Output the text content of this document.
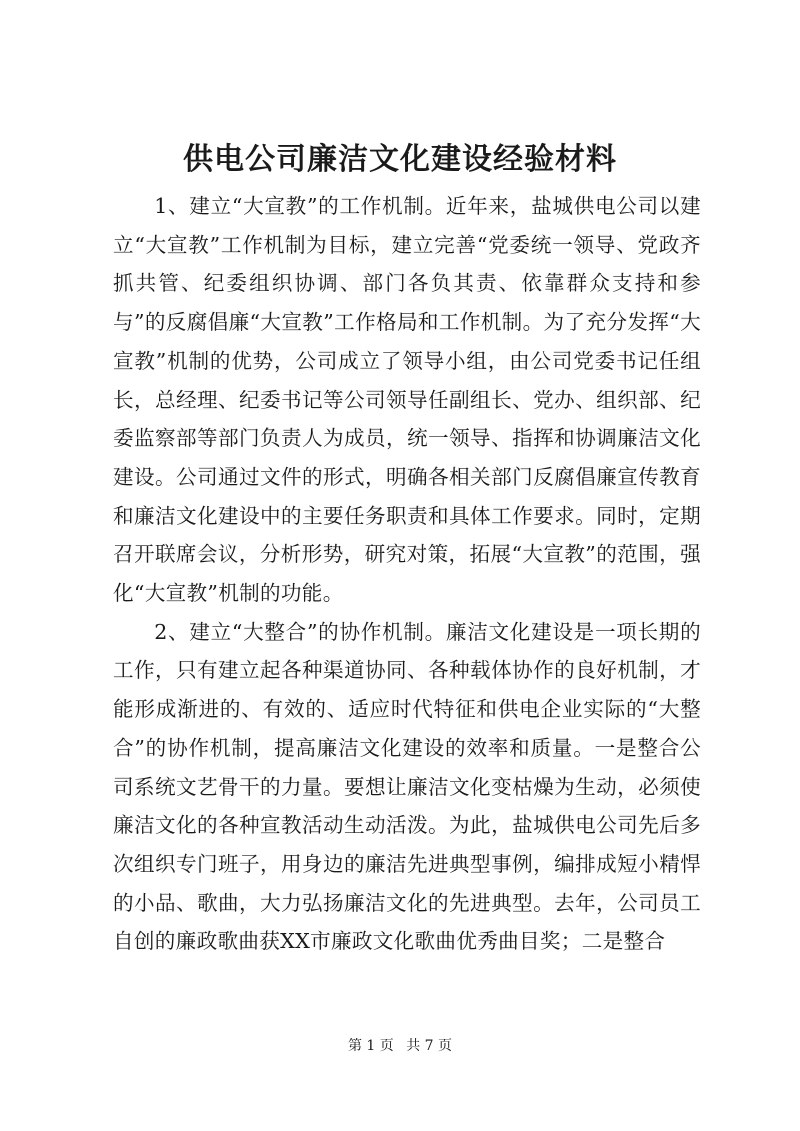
供电公司廉洁文化建设经验材料

1、建立“大宣教”的工作机制。近年来，盐城供电公司以建立“大宣教”工作机制为目标，建立完善“党委统一领导、党政齐抓共管、纪委组织协调、部门各负其责、依靠群众支持和参与”的反腐倡廉“大宣教”工作格局和工作机制。为了充分发挥“大宣教”机制的优势，公司成立了领导小组，由公司党委书记任组长，总经理、纪委书记等公司领导任副组长、党办、组织部、纪委监察部等部门负责人为成员，统一领导、指挥和协调廉洁文化建设。公司通过文件的形式，明确各相关部门反腐倡廉宣传教育和廉洁文化建设中的主要任务职责和具体工作要求。同时，定期召开联席会议，分析形势，研究对策，拓展“大宣教”的范围，强化“大宣教”机制的功能。

2、建立“大整合”的协作机制。廉洁文化建设是一项长期的工作，只有建立起各种渠道协同、各种载体协作的良好机制，才能形成渐进的、有效的、适应时代特征和供电企业实际的“大整合”的协作机制，提高廉洁文化建设的效率和质量。一是整合公司系统文艺骨干的力量。要想让廉洁文化变枯燥为生动，必须使廉洁文化的各种宣教活动生动活泼。为此，盐城供电公司先后多次组织专门班子，用身边的廉洁先进典型事例，编排成短小精悍的小品、歌曲，大力弘扬廉洁文化的先进典型。去年，公司员工自创的廉政歌曲获XX市廉政文化歌曲优秀曲目奖；二是整合

第 1 页 共 7 页
